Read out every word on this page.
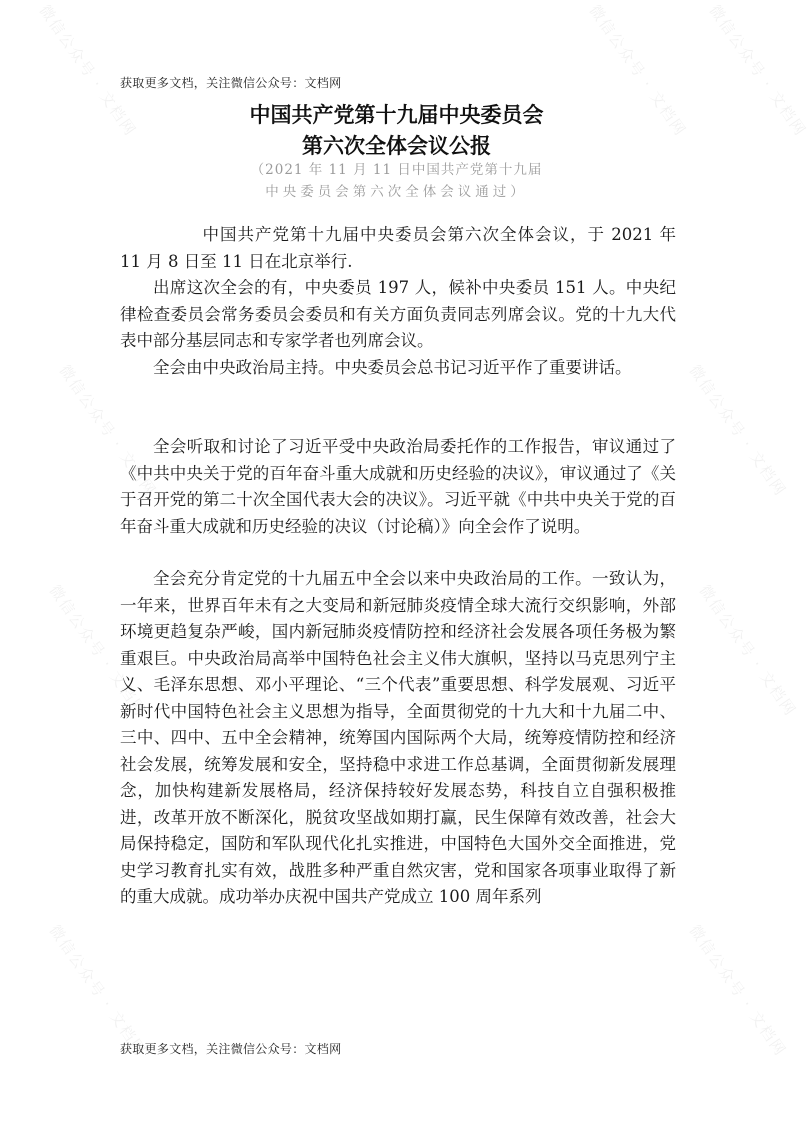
微信公众号 · 文档网	微信公众号 · 文档网 微信公众号 · 文档网
微信公众号 · 文档网	微信公众号 · 文档网
微信公众号 · 文档网	微信公众号 · 文档网
微信公众号 · 文档网	微信公众号 · 文档网
获取更多文档，关注微信公众号：文档网
中国共产党第十九届中央委员会
第六次全体会议公报
（2021 年 11 月 11 日中国共产党第十九届
中央委员会第六次全体会议通过）

中国共产党第十九届中央委员会第六次全体会议，于 2021 年 11 月 8 日至 11 日在北京举行.

出席这次全会的有，中央委员 197 人，候补中央委员 151 人。中央纪律检查委员会常务委员会委员和有关方面负责同志列席会议。党的十九大代表中部分基层同志和专家学者也列席会议。

全会由中央政治局主持。中央委员会总书记习近平作了重要讲话。

全会听取和讨论了习近平受中央政治局委托作的工作报告，审议通过了《中共中央关于党的百年奋斗重大成就和历史经验的决议》，审议通过了《关于召开党的第二十次全国代表大会的决议》。习近平就《中共中央关于党的百年奋斗重大成就和历史经验的决议（讨论稿）》向全会作了说明。

全会充分肯定党的十九届五中全会以来中央政治局的工作。一致认为，一年来，世界百年未有之大变局和新冠肺炎疫情全球大流行交织影响，外部环境更趋复杂严峻，国内新冠肺炎疫情防控和经济社会发展各项任务极为繁重艰巨。中央政治局高举中国特色社会主义伟大旗帜，坚持以马克思列宁主义、毛泽东思想、邓小平理论、“三个代表”重要思想、科学发展观、习近平新时代中国特色社会主义思想为指导，全面贯彻党的十九大和十九届二中、三中、四中、五中全会精神，统筹国内国际两个大局，统筹疫情防控和经济社会发展，统筹发展和安全，坚持稳中求进工作总基调，全面贯彻新发展理念，加快构建新发展格局，经济保持较好发展态势，科技自立自强积极推进，改革开放不断深化，脱贫攻坚战如期打赢，民生保障有效改善，社会大局保持稳定，国防和军队现代化扎实推进，中国特色大国外交全面推进，党史学习教育扎实有效，战胜多种严重自然灾害，党和国家各项事业取得了新的重大成就。成功举办庆祝中国共产党成立 100 周年系列

获取更多文档，关注微信公众号：文档网
